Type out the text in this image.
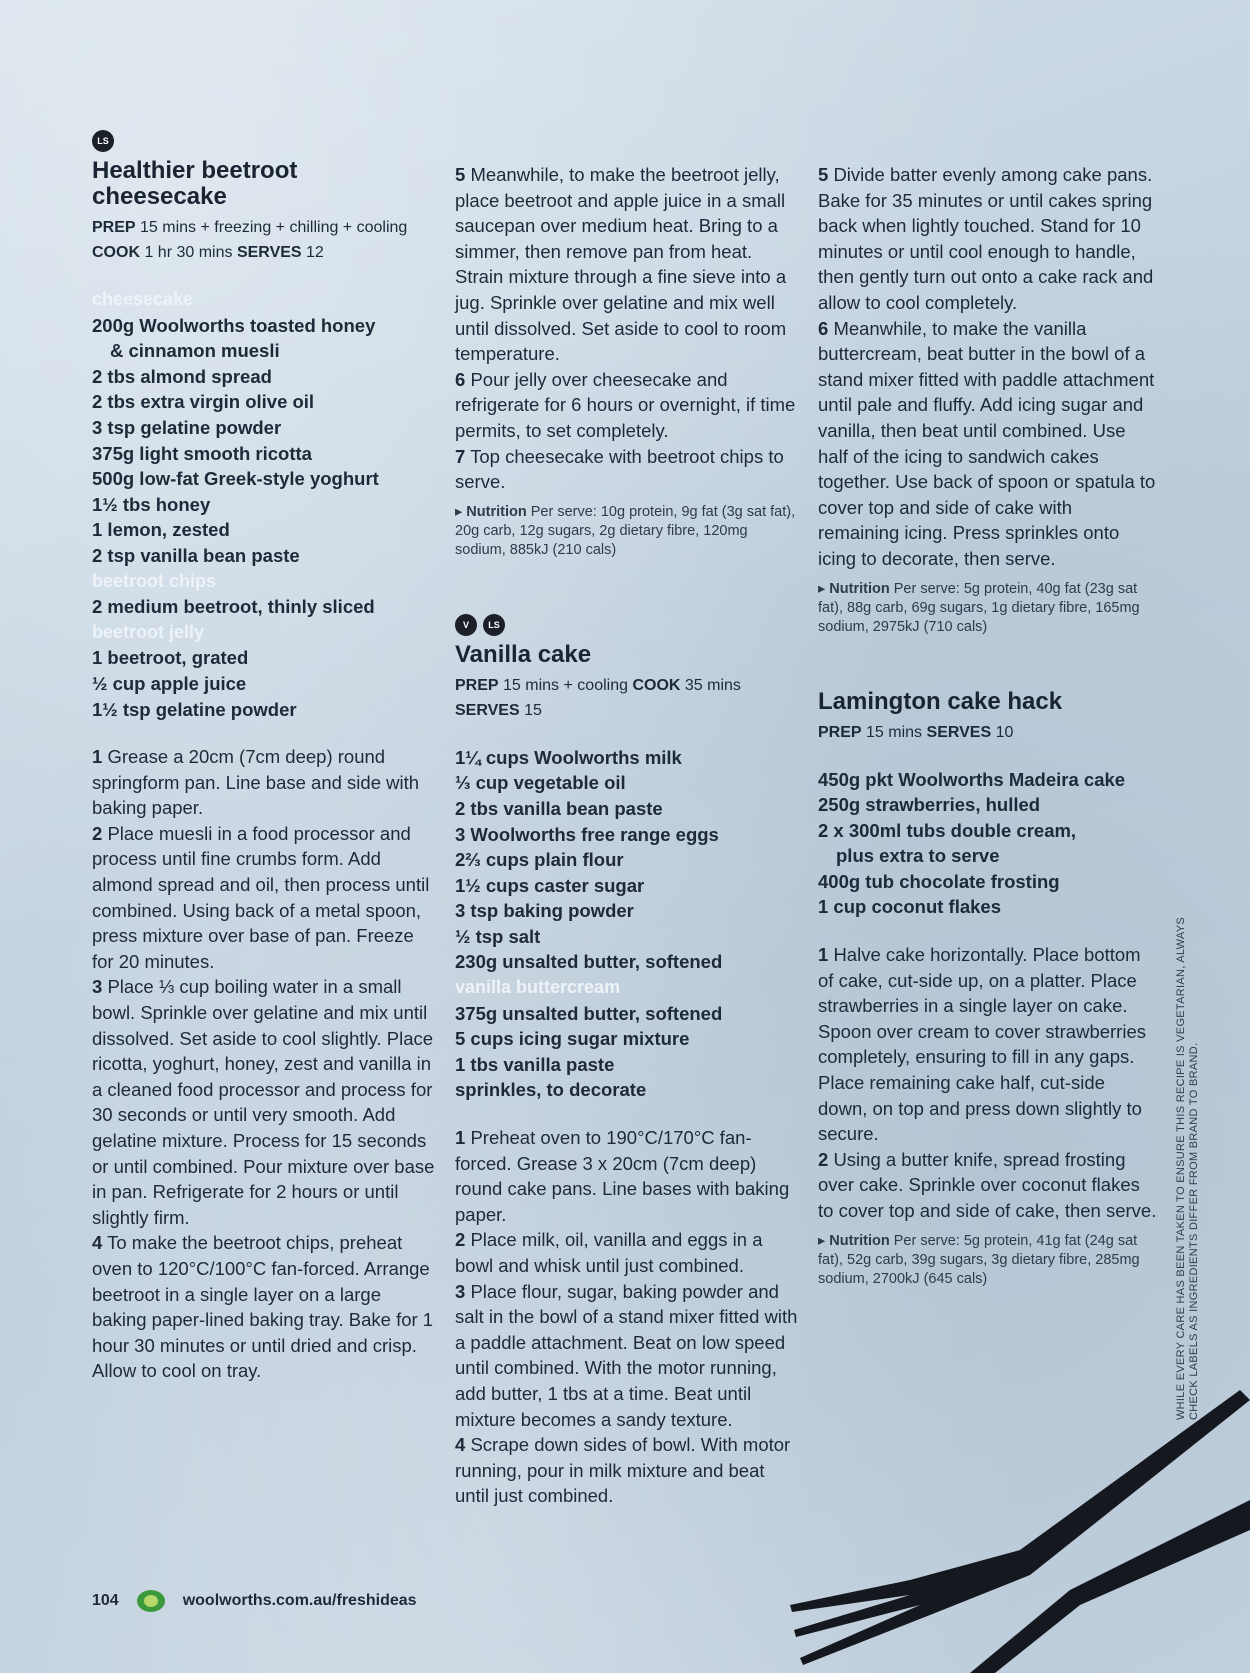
LS
Healthier beetroot cheesecake

PREP 15 mins + freezing + chilling + cooling
COOK 1 hr 30 mins SERVES 12

cheesecake

200g Woolworths toasted honey

& cinnamon muesli

2 tbs almond spread

2 tbs extra virgin olive oil

3 tsp gelatine powder

375g light smooth ricotta

500g low-fat Greek-style yoghurt

1½ tbs honey

1 lemon, zested

2 tsp vanilla bean paste

beetroot chips

2 medium beetroot, thinly sliced

beetroot jelly

1 beetroot, grated

½ cup apple juice

1½ tsp gelatine powder

1 Grease a 20cm (7cm deep) round springform pan. Line base and side with baking paper.

2 Place muesli in a food processor and process until fine crumbs form. Add almond spread and oil, then process until combined. Using back of a metal spoon, press mixture over base of pan. Freeze for 20 minutes.

3 Place ⅓ cup boiling water in a small bowl. Sprinkle over gelatine and mix until dissolved. Set aside to cool slightly. Place ricotta, yoghurt, honey, zest and vanilla in a cleaned food processor and process for 30 seconds or until very smooth. Add gelatine mixture. Process for 15 seconds or until combined. Pour mixture over base in pan. Refrigerate for 2 hours or until slightly firm.

4 To make the beetroot chips, preheat oven to 120°C/100°C fan-forced. Arrange beetroot in a single layer on a large baking paper-lined baking tray. Bake for 1 hour 30 minutes or until dried and crisp. Allow to cool on tray.

5 Meanwhile, to make the beetroot jelly, place beetroot and apple juice in a small saucepan over medium heat. Bring to a simmer, then remove pan from heat. Strain mixture through a fine sieve into a jug. Sprinkle over gelatine and mix well until dissolved. Set aside to cool to room temperature.

6 Pour jelly over cheesecake and refrigerate for 6 hours or overnight, if time permits, to set completely.

7 Top cheesecake with beetroot chips to serve.

▸ Nutrition Per serve: 10g protein, 9g fat (3g sat fat), 20g carb, 12g sugars, 2g dietary fibre, 120mg sodium, 885kJ (210 cals)

V	LS
Vanilla cake

PREP 15 mins + cooling COOK 35 mins
SERVES 15

1¼ cups Woolworths milk

⅓ cup vegetable oil

2 tbs vanilla bean paste

3 Woolworths free range eggs

2⅔ cups plain flour

1½ cups caster sugar

3 tsp baking powder

½ tsp salt

230g unsalted butter, softened

vanilla buttercream

375g unsalted butter, softened

5 cups icing sugar mixture

1 tbs vanilla paste

sprinkles, to decorate

1 Preheat oven to 190°C/170°C fan-forced. Grease 3 x 20cm (7cm deep) round cake pans. Line bases with baking paper.

2 Place milk, oil, vanilla and eggs in a bowl and whisk until just combined.

3 Place flour, sugar, baking powder and salt in the bowl of a stand mixer fitted with a paddle attachment. Beat on low speed until combined. With the motor running, add butter, 1 tbs at a time. Beat until mixture becomes a sandy texture.

4 Scrape down sides of bowl. With motor running, pour in milk mixture and beat until just combined.

5 Divide batter evenly among cake pans. Bake for 35 minutes or until cakes spring back when lightly touched. Stand for 10 minutes or until cool enough to handle, then gently turn out onto a cake rack and allow to cool completely.

6 Meanwhile, to make the vanilla buttercream, beat butter in the bowl of a stand mixer fitted with paddle attachment until pale and fluffy. Add icing sugar and vanilla, then beat until combined. Use half of the icing to sandwich cakes together. Use back of spoon or spatula to cover top and side of cake with remaining icing. Press sprinkles onto icing to decorate, then serve.

▸ Nutrition Per serve: 5g protein, 40g fat (23g sat fat), 88g carb, 69g sugars, 1g dietary fibre, 165mg sodium, 2975kJ (710 cals)

Lamington cake hack

PREP 15 mins SERVES 10

450g pkt Woolworths Madeira cake

250g strawberries, hulled

2 x 300ml tubs double cream,

plus extra to serve

400g tub chocolate frosting

1 cup coconut flakes

1 Halve cake horizontally. Place bottom of cake, cut-side up, on a platter. Place strawberries in a single layer on cake. Spoon over cream to cover strawberries completely, ensuring to fill in any gaps. Place remaining cake half, cut-side down, on top and press down slightly to secure.

2 Using a butter knife, spread frosting over cake. Sprinkle over coconut flakes to cover top and side of cake, then serve.

▸ Nutrition Per serve: 5g protein, 41g fat (24g sat fat), 52g carb, 39g sugars, 3g dietary fibre, 285mg sodium, 2700kJ (645 cals)	WHILE EVERY CARE HAS BEEN TAKEN TO ENSURE THIS RECIPE IS VEGETARIAN, ALWAYS CHECK LABELS AS INGREDIENTS DIFFER FROM BRAND TO BRAND.
104	woolworths.com.au/freshideas
